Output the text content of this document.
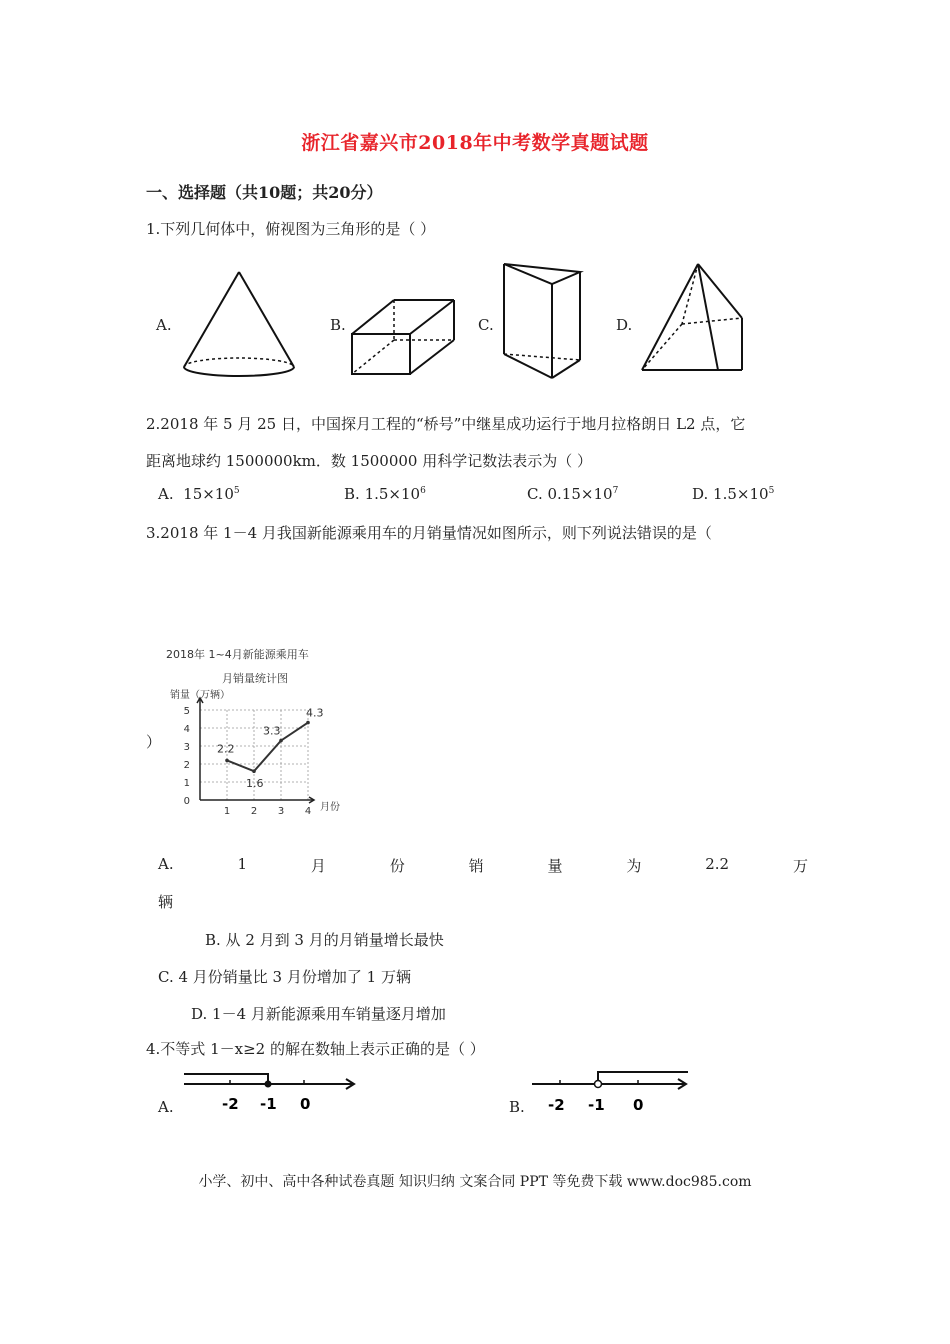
浙江省嘉兴市2018年中考数学真题试题
一、选择题（共10题；共20分）
1.下列几何体中，俯视图为三角形的是（ ）
A.	B.	C.	D.
2.2018 年 5 月 25 日，中国探月工程的“桥号”中继星成功运行于地月拉格朗日 L2 点，它
距离地球约 1500000km．数 1500000 用科学记数法表示为（ ）
A. $15\times 10^5$	B. $1.5\times 10^6$	C. $0.15\times 10^7$	D. $1.5\times 10^5$
3.2018 年 1－4 月我国新能源乘用车的月销量情况如图所示，则下列说法错误的是（
）
2018年 1~4月新能源乘用车
月销量统计图
销量（万辆）
月份
0
1
2
3
4
5
1 2 3 4
2.2
1.6
3.3
4.3
A.	1	月	份	销	量	为	2.2	万
辆
B. 从 2 月到 3 月的月销量增长最快
C. 4 月份销量比 3 月份增加了 1 万辆
D. 1－4 月新能源乘用车销量逐月增加
4.不等式 1－x≥2 的解在数轴上表示正确的是（ ）
A.	B.
-2 -1 0	-2 -1 0
小学、初中、高中各种试卷真题 知识归纳 文案合同 PPT 等免费下载 www.doc985.com
